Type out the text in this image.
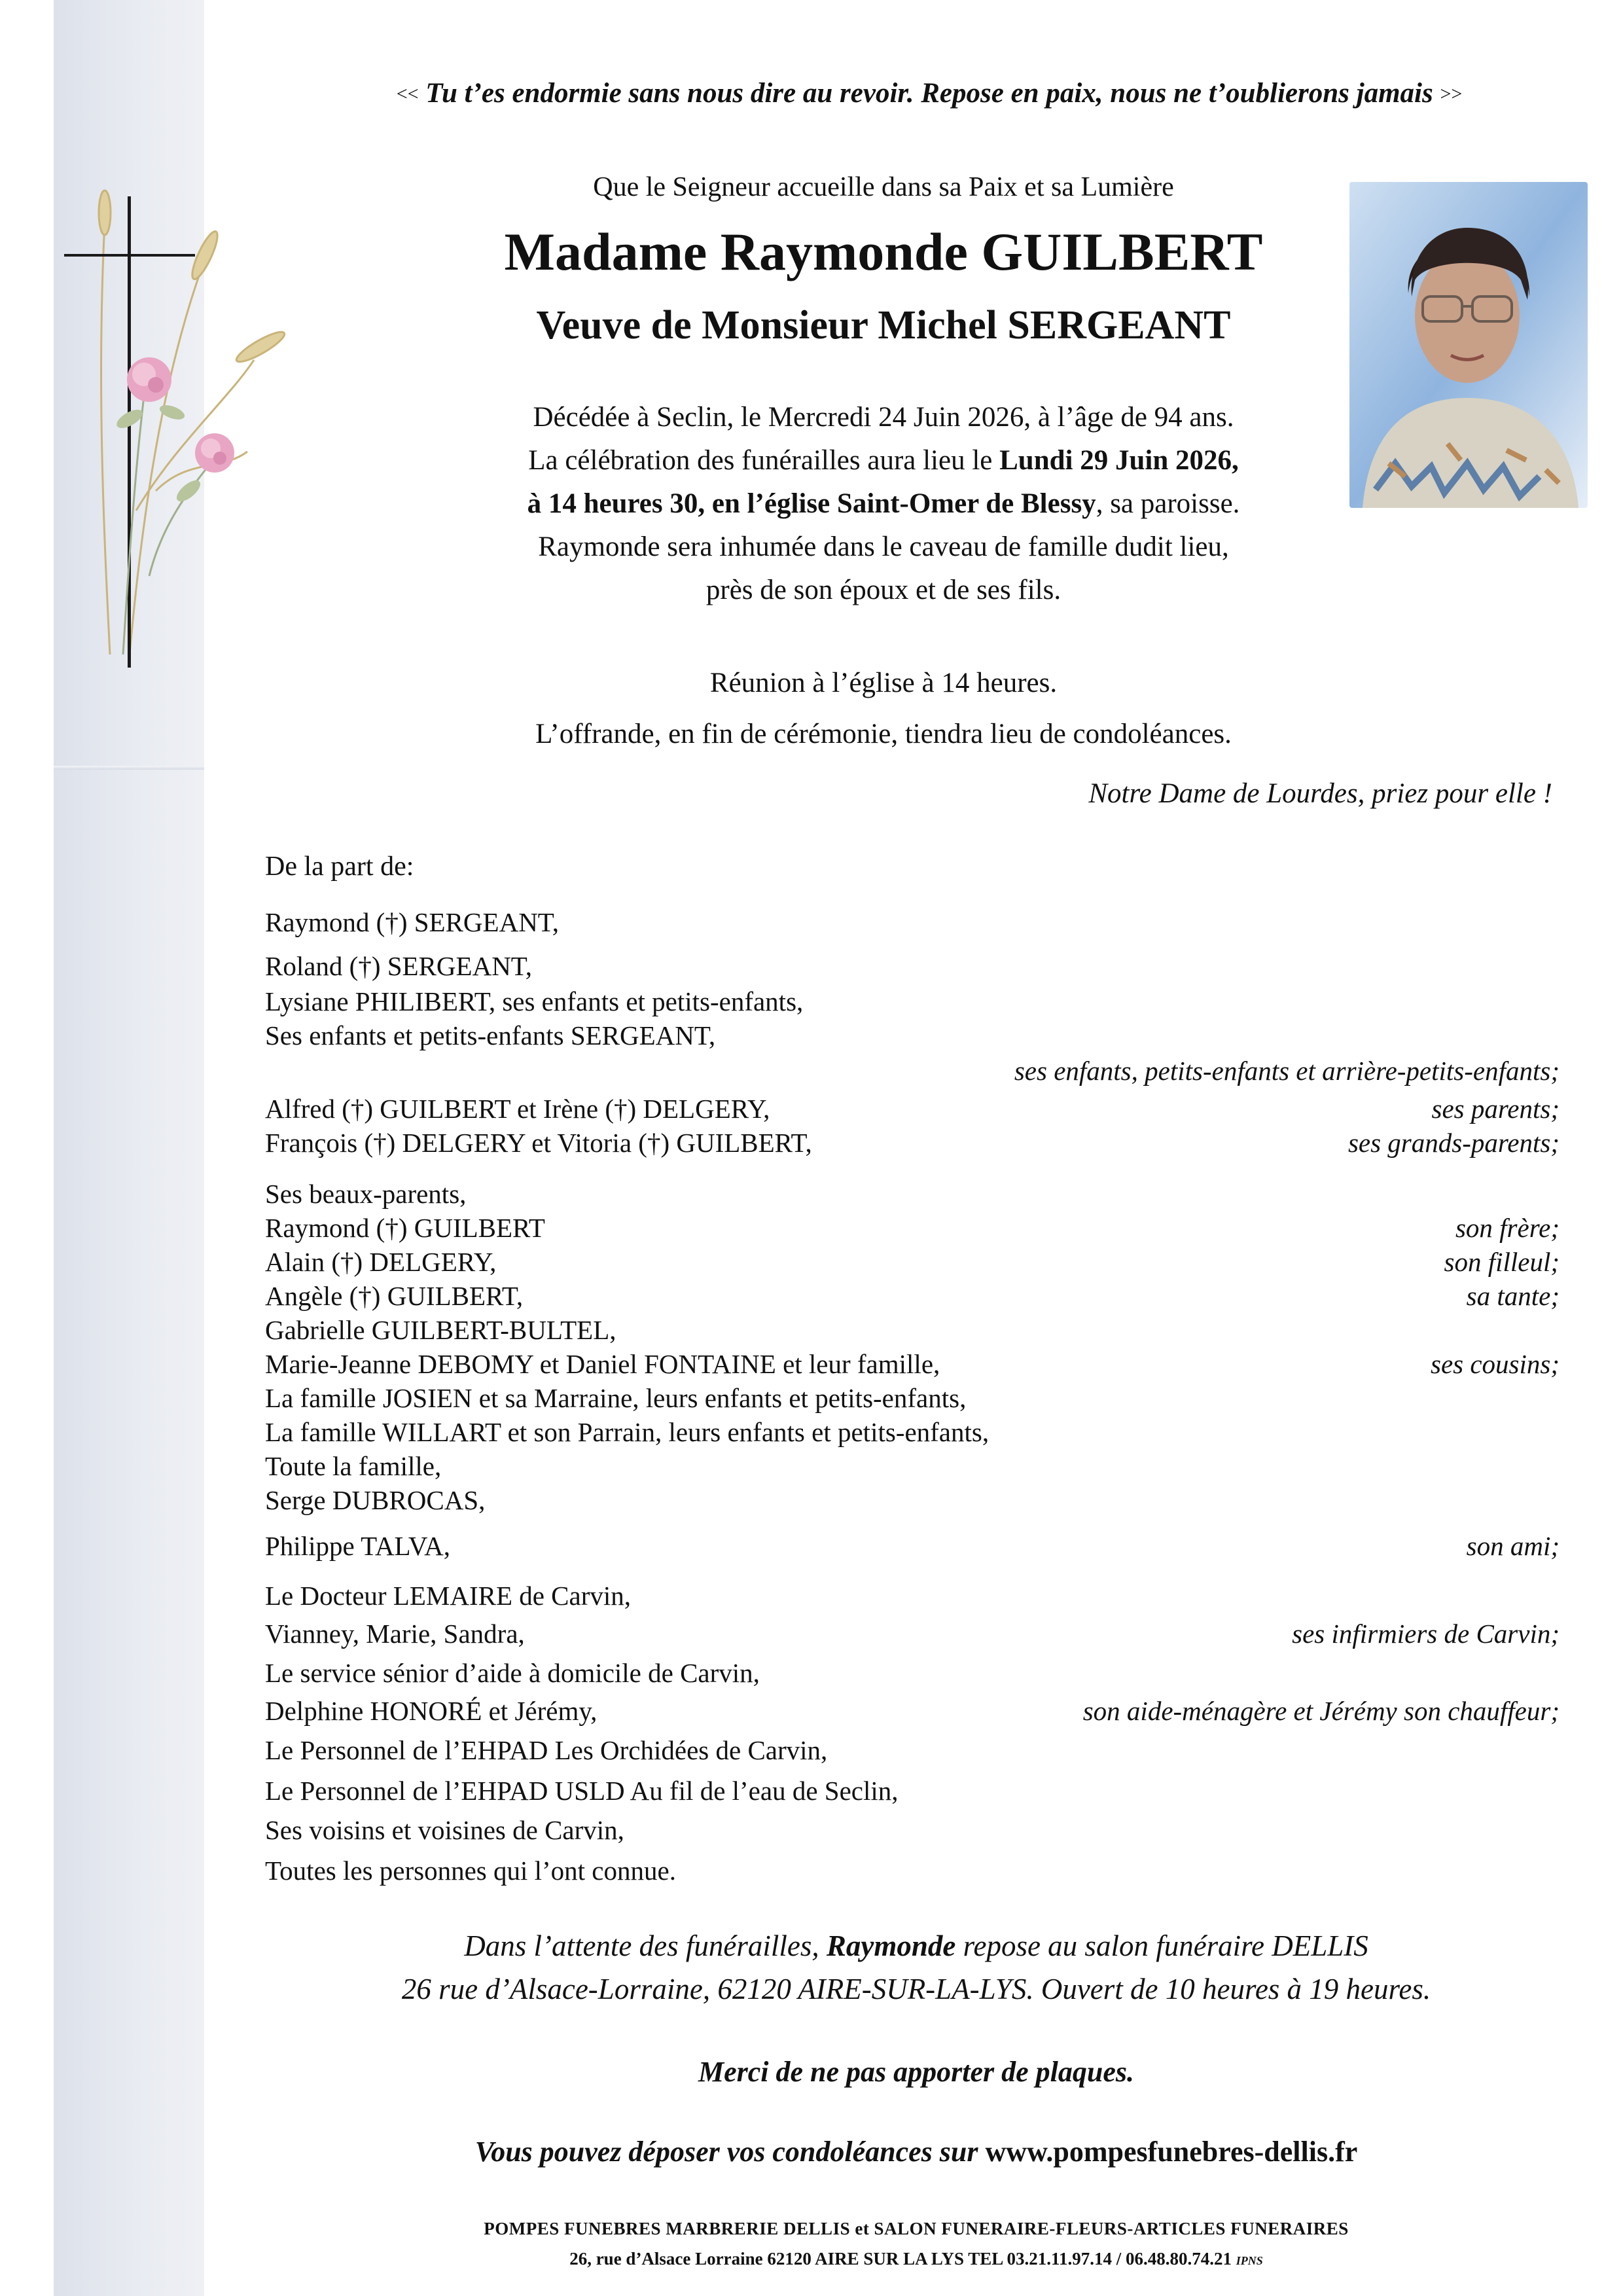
<< Tu t’es endormie sans nous dire au revoir. Repose en paix, nous ne t’oublierons jamais >>
Que le Seigneur accueille dans sa Paix et sa Lumière
Madame Raymonde GUILBERT
Veuve de Monsieur Michel SERGEANT

Décédée à Seclin, le Mercredi 24 Juin 2026, à l’âge de 94 ans.

La célébration des funérailles aura lieu le Lundi 29 Juin 2026,

à 14 heures 30, en l’église Saint-Omer de Blessy, sa paroisse.

Raymonde sera inhumée dans le caveau de famille dudit lieu,

près de son époux et de ses fils.

Réunion à l’église à 14 heures.

L’offrande, en fin de cérémonie, tiendra lieu de condoléances.

Notre Dame de Lourdes, priez pour elle !
De la part de:
Raymond (†) SERGEANT,
Roland (†) SERGEANT,
Lysiane PHILIBERT, ses enfants et petits-enfants,
Ses enfants et petits-enfants SERGEANT,
ses enfants, petits-enfants et arrière-petits-enfants;
Alfred (†) GUILBERT et Irène (†) DELGERY,	ses parents;
François (†) DELGERY et Vitoria (†) GUILBERT,	ses grands-parents;
Ses beaux-parents,
Raymond (†) GUILBERT	son frère;
Alain (†) DELGERY,	son filleul;
Angèle (†) GUILBERT,	sa tante;
Gabrielle GUILBERT-BULTEL,
Marie-Jeanne DEBOMY et Daniel FONTAINE et leur famille,	ses cousins;
La famille JOSIEN et sa Marraine, leurs enfants et petits-enfants,
La famille WILLART et son Parrain, leurs enfants et petits-enfants,
Toute la famille,
Serge DUBROCAS,
Philippe TALVA,	son ami;
Le Docteur LEMAIRE de Carvin,
Vianney, Marie, Sandra,	ses infirmiers de Carvin;
Le service sénior d’aide à domicile de Carvin,
Delphine HONORÉ et Jérémy,	son aide-ménagère et Jérémy son chauffeur;
Le Personnel de l’EHPAD Les Orchidées de Carvin,
Le Personnel de l’EHPAD USLD Au fil de l’eau de Seclin,
Ses voisins et voisines de Carvin,
Toutes les personnes qui l’ont connue.

Dans l’attente des funérailles, Raymonde repose au salon funéraire DELLIS

26 rue d’Alsace-Lorraine, 62120 AIRE-SUR-LA-LYS. Ouvert de 10 heures à 19 heures.

Merci de ne pas apporter de plaques.
Vous pouvez déposer vos condoléances sur www.pompesfunebres-dellis.fr
POMPES FUNEBRES MARBRERIE DELLIS et SALON FUNERAIRE-FLEURS-ARTICLES FUNERAIRES
26, rue d’Alsace Lorraine 62120 AIRE SUR LA LYS TEL 03.21.11.97.14 / 06.48.80.74.21 IPNS
